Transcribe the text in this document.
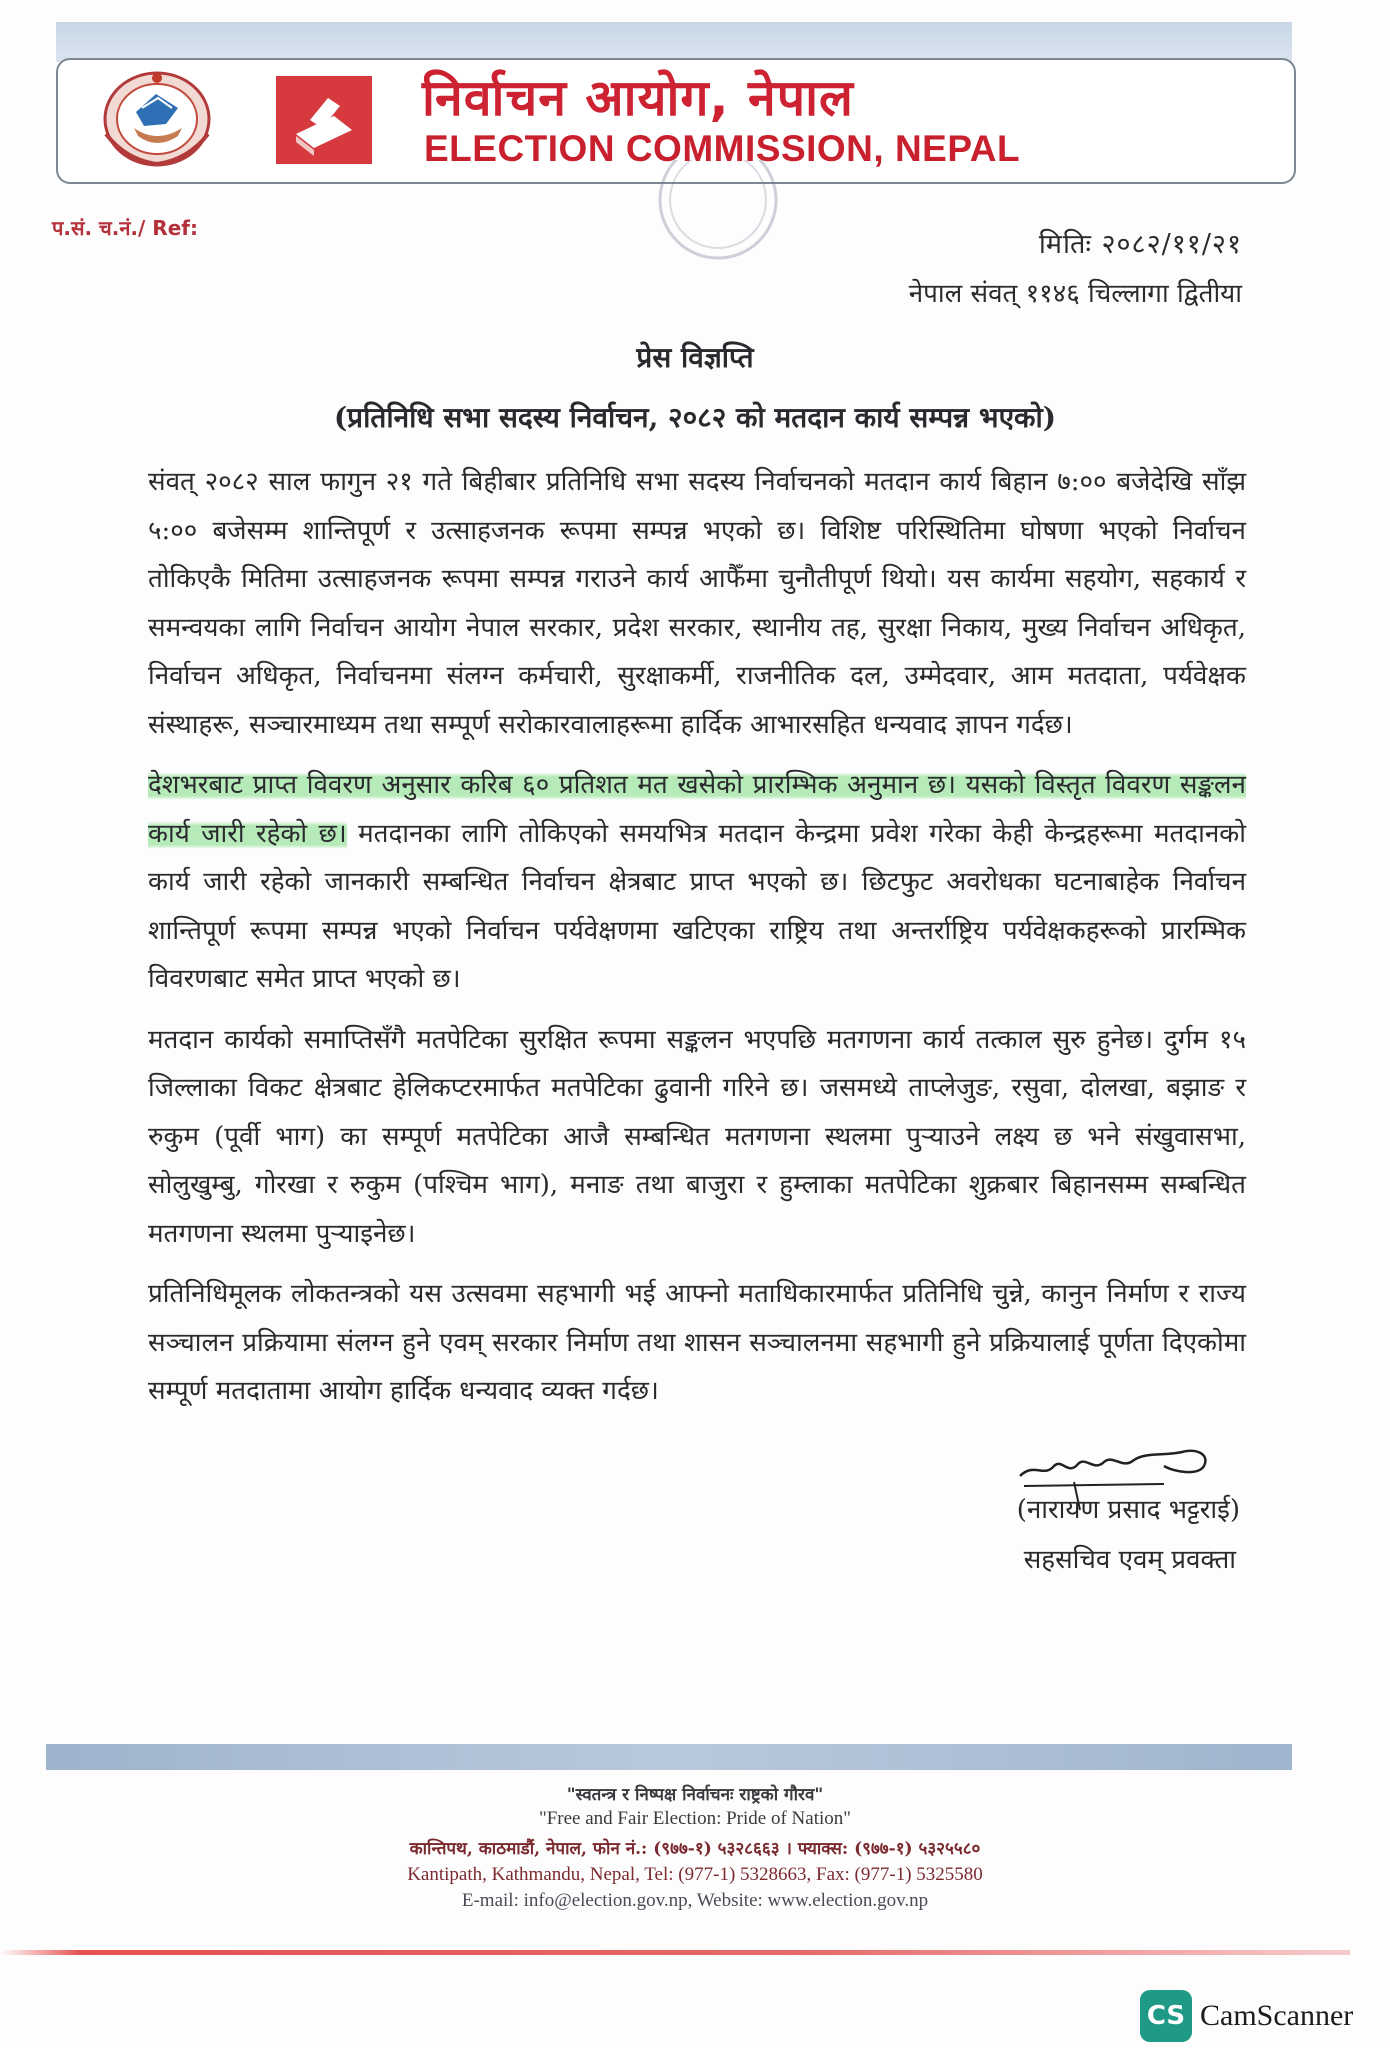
निर्वाचन आयोग, नेपाल
ELECTION COMMISSION, NEPAL
प.सं. च.नं./ Ref:
मितिः २०८२/११/२१
नेपाल संवत् ११४६ चिल्लागा द्वितीया
प्रेस विज्ञप्ति
(प्रतिनिधि सभा सदस्य निर्वाचन, २०८२ को मतदान कार्य सम्पन्न भएको)

संवत् २०८२ साल फागुन २१ गते बिहीबार प्रतिनिधि सभा सदस्य निर्वाचनको मतदान कार्य बिहान ७:०० बजेदेखि साँझ ५:०० बजेसम्म शान्तिपूर्ण र उत्साहजनक रूपमा सम्पन्न भएको छ। विशिष्ट परिस्थितिमा घोषणा भएको निर्वाचन तोकिएकै मितिमा उत्साहजनक रूपमा सम्पन्न गराउने कार्य आफैँमा चुनौतीपूर्ण थियो। यस कार्यमा सहयोग, सहकार्य र समन्वयका लागि निर्वाचन आयोग नेपाल सरकार, प्रदेश सरकार, स्थानीय तह, सुरक्षा निकाय, मुख्य निर्वाचन अधिकृत, निर्वाचन अधिकृत, निर्वाचनमा संलग्न कर्मचारी, सुरक्षाकर्मी, राजनीतिक दल, उम्मेदवार, आम मतदाता, पर्यवेक्षक संस्थाहरू, सञ्चारमाध्यम तथा सम्पूर्ण सरोकारवालाहरूमा हार्दिक आभारसहित धन्यवाद ज्ञापन गर्दछ।

देशभरबाट प्राप्त विवरण अनुसार करिब ६० प्रतिशत मत खसेको प्रारम्भिक अनुमान छ। यसको विस्तृत विवरण सङ्कलन कार्य जारी रहेको छ। मतदानका लागि तोकिएको समयभित्र मतदान केन्द्रमा प्रवेश गरेका केही केन्द्रहरूमा मतदानको कार्य जारी रहेको जानकारी सम्बन्धित निर्वाचन क्षेत्रबाट प्राप्त भएको छ। छिटफुट अवरोधका घटनाबाहेक निर्वाचन शान्तिपूर्ण रूपमा सम्पन्न भएको निर्वाचन पर्यवेक्षणमा खटिएका राष्ट्रिय तथा अन्तर्राष्ट्रिय पर्यवेक्षकहरूको प्रारम्भिक विवरणबाट समेत प्राप्त भएको छ।

मतदान कार्यको समाप्तिसँगै मतपेटिका सुरक्षित रूपमा सङ्कलन भएपछि मतगणना कार्य तत्काल सुरु हुनेछ। दुर्गम १५ जिल्लाका विकट क्षेत्रबाट हेलिकप्टरमार्फत मतपेटिका ढुवानी गरिने छ। जसमध्ये ताप्लेजुङ, रसुवा, दोलखा, बझाङ र रुकुम (पूर्वी भाग) का सम्पूर्ण मतपेटिका आजै सम्बन्धित मतगणना स्थलमा पुऱ्याउने लक्ष्य छ भने संखुवासभा, सोलुखुम्बु, गोरखा र रुकुम (पश्चिम भाग), मनाङ तथा बाजुरा र हुम्लाका मतपेटिका शुक्रबार बिहानसम्म सम्बन्धित मतगणना स्थलमा पुऱ्याइनेछ।

प्रतिनिधिमूलक लोकतन्त्रको यस उत्सवमा सहभागी भई आफ्नो मताधिकारमार्फत प्रतिनिधि चुन्ने, कानुन निर्माण र राज्य सञ्चालन प्रक्रियामा संलग्न हुने एवम् सरकार निर्माण तथा शासन सञ्चालनमा सहभागी हुने प्रक्रियालाई पूर्णता दिएकोमा सम्पूर्ण मतदातामा आयोग हार्दिक धन्यवाद व्यक्त गर्दछ।

(नारायण प्रसाद भट्टराई)
सहसचिव एवम् प्रवक्ता
"स्वतन्त्र र निष्पक्ष निर्वाचनः राष्ट्रको गौरव"
"Free and Fair Election: Pride of Nation"
कान्तिपथ, काठमाडौं, नेपाल, फोन नं.: (९७७-१) ५३२८६६३ । फ्याक्स: (९७७-१) ५३२५५८०
Kantipath, Kathmandu, Nepal, Tel: (977-1) 5328663, Fax: (977-1) 5325580
E-mail: info@election.gov.np, Website: www.election.gov.np
CS CamScanner
